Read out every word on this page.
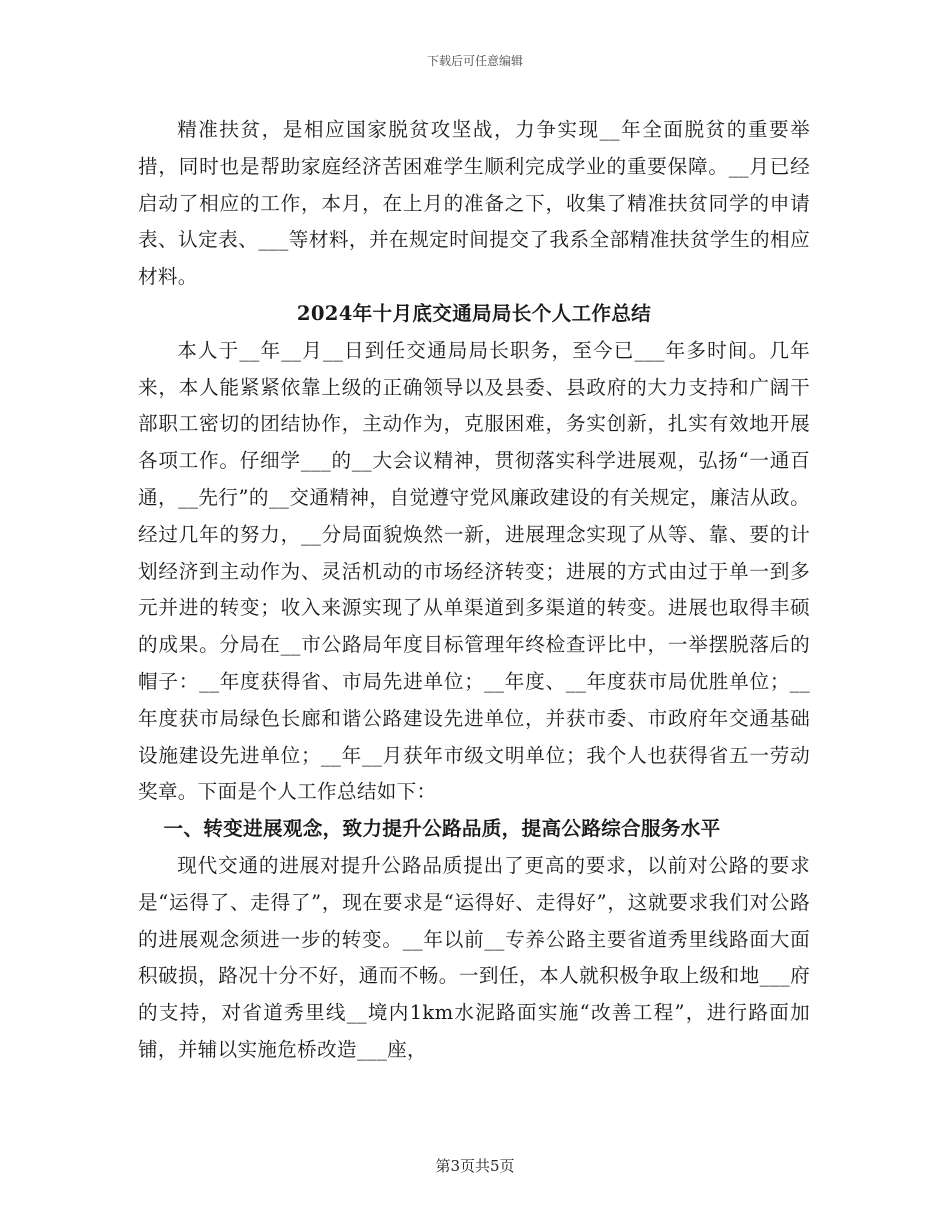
下载后可任意编辑

精准扶贫，是相应国家脱贫攻坚战，力争实现__年全面脱贫的重要举措，同时也是帮助家庭经济苦困难学生顺利完成学业的重要保障。__月已经启动了相应的工作，本月，在上月的准备之下，收集了精准扶贫同学的申请表、认定表、___等材料，并在规定时间提交了我系全部精准扶贫学生的相应材料。

2024年十月底交通局局长个人工作总结

本人于__年__月__日到任交通局局长职务，至今已___年多时间。几年来，本人能紧紧依靠上级的正确领导以及县委、县政府的大力支持和广阔干部职工密切的团结协作，主动作为，克服困难，务实创新，扎实有效地开展各项工作。仔细学___的__大会议精神，贯彻落实科学进展观，弘扬“一通百通，__先行”的__交通精神，自觉遵守党风廉政建设的有关规定，廉洁从政。经过几年的努力，__分局面貌焕然一新，进展理念实现了从等、靠、要的计划经济到主动作为、灵活机动的市场经济转变；进展的方式由过于单一到多元并进的转变；收入来源实现了从单渠道到多渠道的转变。进展也取得丰硕的成果。分局在__市公路局年度目标管理年终检查评比中，一举摆脱落后的帽子：__年度获得省、市局先进单位；__年度、__年度获市局优胜单位；__年度获市局绿色长廊和谐公路建设先进单位，并获市委、市政府年交通基础设施建设先进单位；__年__月获年市级文明单位；我个人也获得省五一劳动奖章。下面是个人工作总结如下：

一、转变进展观念，致力提升公路品质，提高公路综合服务水平

现代交通的进展对提升公路品质提出了更高的要求，以前对公路的要求是“运得了、走得了”，现在要求是“运得好、走得好”，这就要求我们对公路的进展观念须进一步的转变。__年以前__专养公路主要省道秀里线路面大面积破损，路况十分不好，通而不畅。一到任，本人就积极争取上级和地___府的支持，对省道秀里线__境内1km水泥路面实施“改善工程”，进行路面加铺，并辅以实施危桥改造___座，

第3页共5页
